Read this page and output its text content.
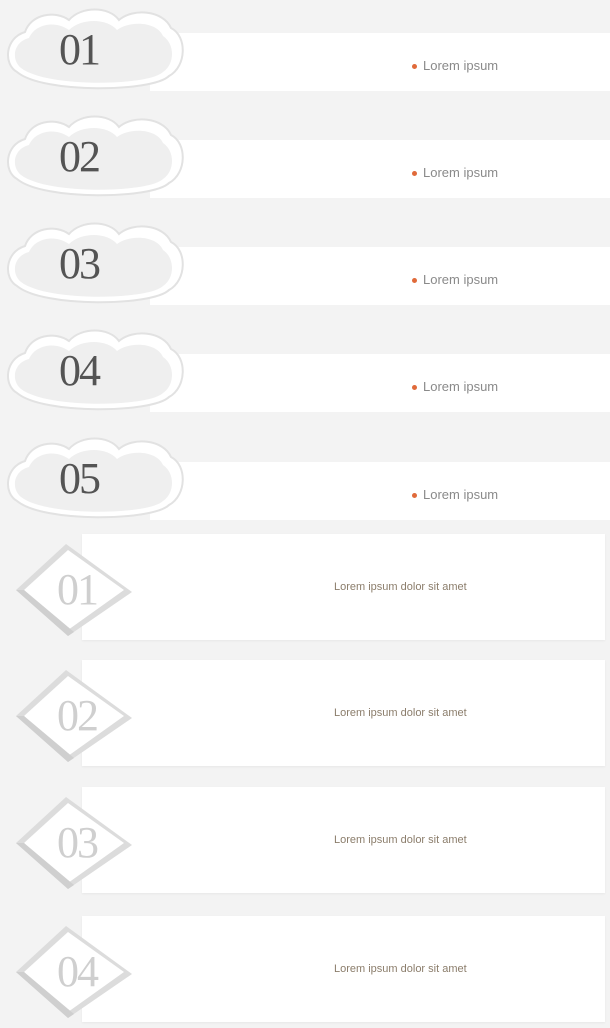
01	Lorem ipsum
02	Lorem ipsum
03	Lorem ipsum
04	Lorem ipsum
05	Lorem ipsum
01	Lorem ipsum dolor sit amet
02	Lorem ipsum dolor sit amet
03	Lorem ipsum dolor sit amet
04	Lorem ipsum dolor sit amet
